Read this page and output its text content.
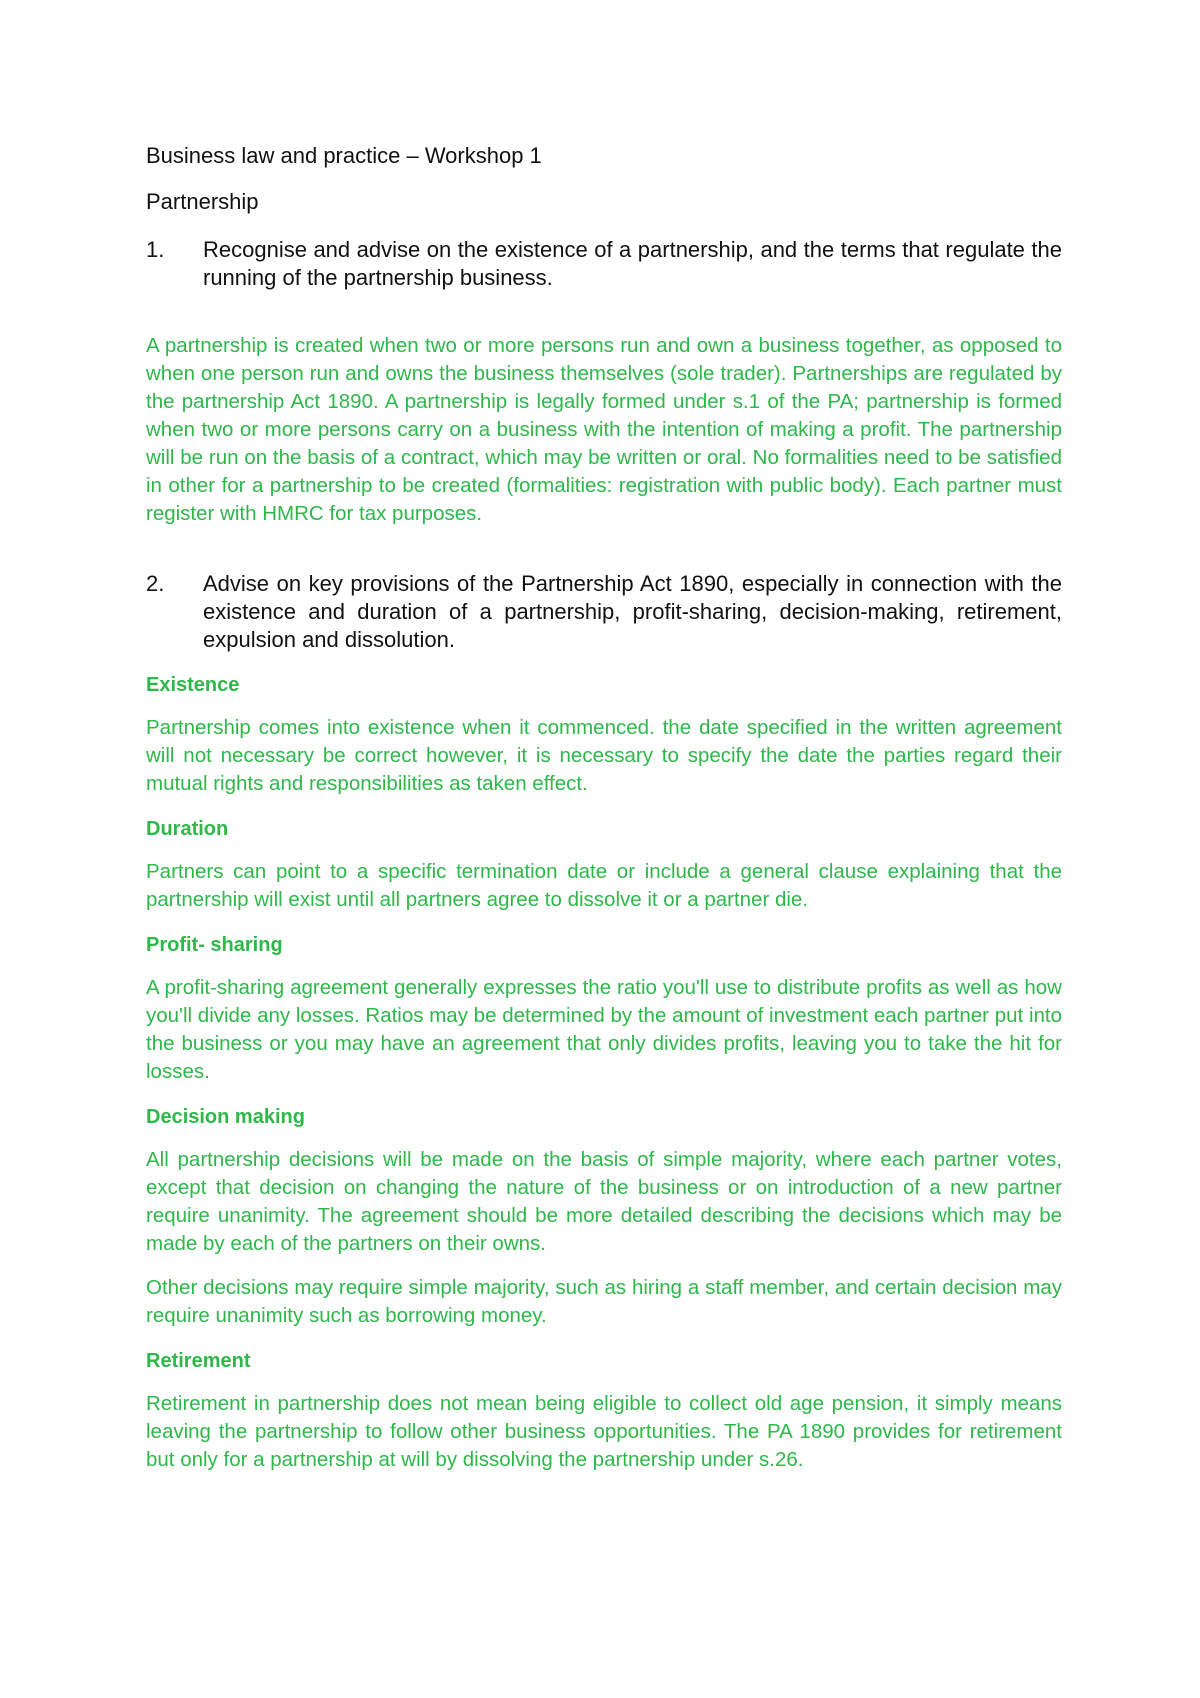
Business law and practice – Workshop 1

Partnership

1.	Recognise and advise on the existence of a partnership, and the terms that regulate the running of the partnership business.

A partnership is created when two or more persons run and own a business together, as opposed to when one person run and owns the business themselves (sole trader). Partnerships are regulated by the partnership Act 1890. A partnership is legally formed under s.1 of the PA; partnership is formed when two or more persons carry on a business with the intention of making a profit. The partnership will be run on the basis of a contract, which may be written or oral. No formalities need to be satisfied in other for a partnership to be created (formalities: registration with public body). Each partner must register with HMRC for tax purposes.

2.	Advise on key provisions of the Partnership Act 1890, especially in connection with the existence and duration of a partnership, profit-sharing, decision-making, retirement, expulsion and dissolution.

Existence

Partnership comes into existence when it commenced. the date specified in the written agreement will not necessary be correct however, it is necessary to specify the date the parties regard their mutual rights and responsibilities as taken effect.

Duration

Partners can point to a specific termination date or include a general clause explaining that the partnership will exist until all partners agree to dissolve it or a partner die.

Profit- sharing

A profit-sharing agreement generally expresses the ratio you'll use to distribute profits as well as how you'll divide any losses. Ratios may be determined by the amount of investment each partner put into the business or you may have an agreement that only divides profits, leaving you to take the hit for losses.

Decision making

All partnership decisions will be made on the basis of simple majority, where each partner votes, except that decision on changing the nature of the business or on introduction of a new partner require unanimity. The agreement should be more detailed describing the decisions which may be made by each of the partners on their owns.

Other decisions may require simple majority, such as hiring a staff member, and certain decision may require unanimity such as borrowing money.

Retirement

Retirement in partnership does not mean being eligible to collect old age pension, it simply means leaving the partnership to follow other business opportunities. The PA 1890 provides for retirement but only for a partnership at will by dissolving the partnership under s.26.
